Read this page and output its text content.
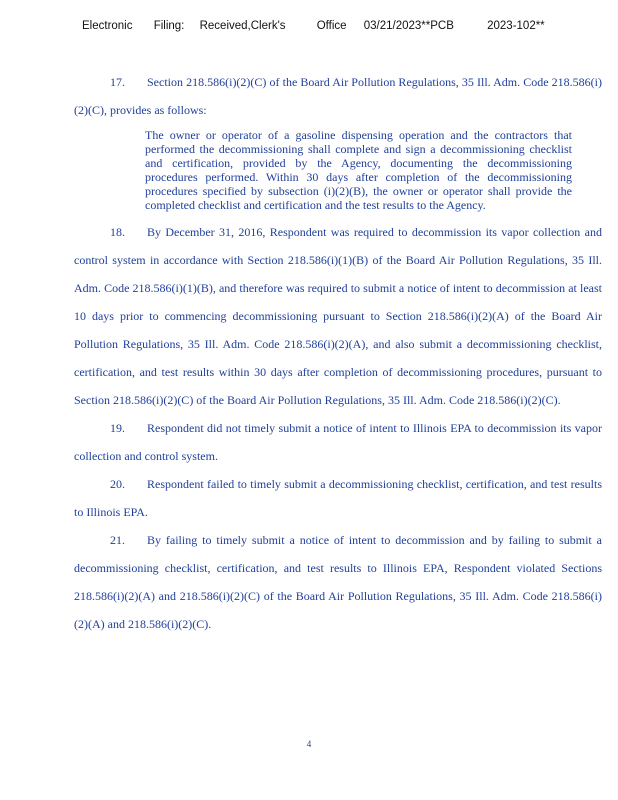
Electronic Filing: Received,Clerk's	Office 03/21/2023**PCB	2023-102**

17. Section 218.586(i)(2)(C) of the Board Air Pollution Regulations, 35 Ill. Adm. Code 218.586(i)(2)(C), provides as follows:

The owner or operator of a gasoline dispensing operation and the contractors that performed the decommissioning shall complete and sign a decommissioning checklist and certification, provided by the Agency, documenting the decommissioning procedures performed. Within 30 days after completion of the decommissioning procedures specified by subsection (i)(2)(B), the owner or operator shall provide the completed checklist and certification and the test results to the Agency.

18. By December 31, 2016, Respondent was required to decommission its vapor collection and control system in accordance with Section 218.586(i)(1)(B) of the Board Air Pollution Regulations, 35 Ill. Adm. Code 218.586(i)(1)(B), and therefore was required to submit a notice of intent to decommission at least 10 days prior to commencing decommissioning pursuant to Section 218.586(i)(2)(A) of the Board Air Pollution Regulations, 35 Ill. Adm. Code 218.586(i)(2)(A), and also submit a decommissioning checklist, certification, and test results within 30 days after completion of decommissioning procedures, pursuant to Section 218.586(i)(2)(C) of the Board Air Pollution Regulations, 35 Ill. Adm. Code 218.586(i)(2)(C).

19. Respondent did not timely submit a notice of intent to Illinois EPA to decommission its vapor collection and control system.

20. Respondent failed to timely submit a decommissioning checklist, certification, and test results to Illinois EPA.

21. By failing to timely submit a notice of intent to decommission and by failing to submit a decommissioning checklist, certification, and test results to Illinois EPA, Respondent violated Sections 218.586(i)(2)(A) and 218.586(i)(2)(C) of the Board Air Pollution Regulations, 35 Ill. Adm. Code 218.586(i)(2)(A) and 218.586(i)(2)(C).

4
